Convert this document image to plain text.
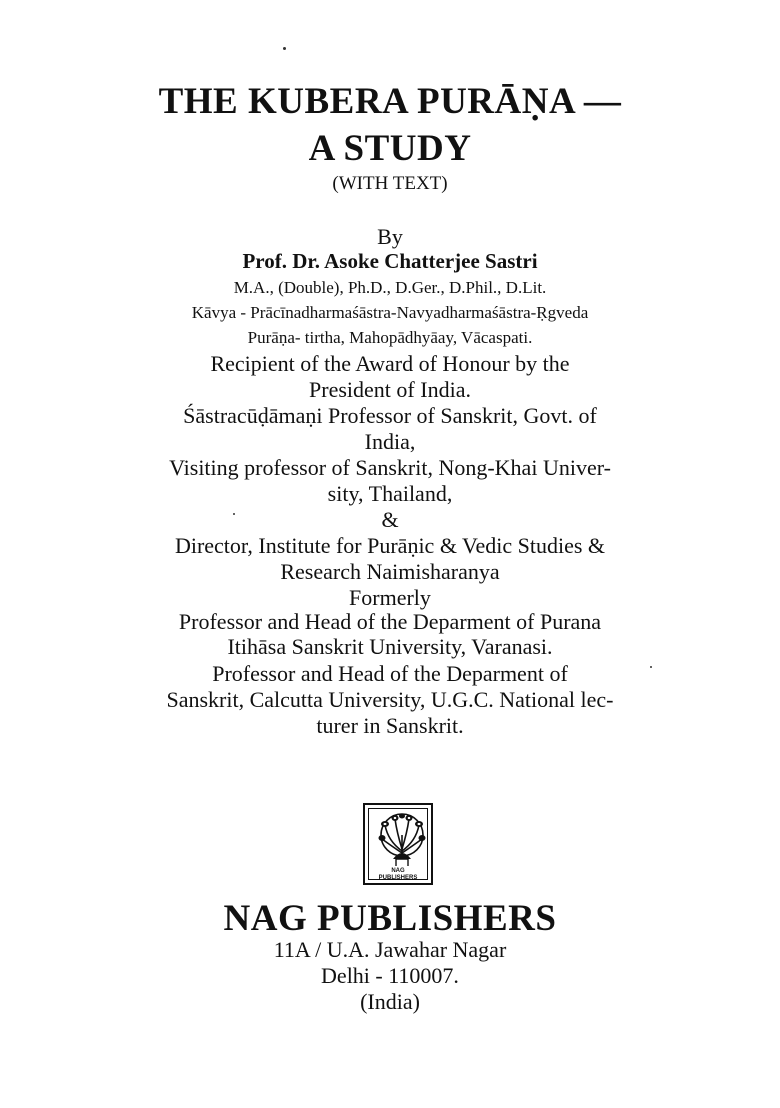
THE KUBERA PURĀṆA —
A STUDY
(WITH TEXT)
By
Prof. Dr. Asoke Chatterjee Sastri
M.A., (Double), Ph.D., D.Ger., D.Phil., D.Lit.
Kāvya - Prācīnadharmaśāstra-Navyadharmaśāstra-Ṛgveda
Purāṇa- tirtha, Mahopādhyāay, Vācaspati.
Recipient of the Award of Honour by the
President of India.
Śāstracūḍāmaṇi Professor of Sanskrit, Govt. of
India,
Visiting professor of Sanskrit, Nong-Khai Univer-
sity, Thailand,
&
Director, Institute for Purāṇic & Vedic Studies &
Research Naimisharanya
Formerly
Professor and Head of the Deparment of Purana
Itihāsa Sanskrit University, Varanasi.
Professor and Head of the Deparment of
Sanskrit, Calcutta University, U.G.C. National lec-
turer in Sanskrit.
NAG
PUBLISHERS
NAG PUBLISHERS
11A / U.A. Jawahar Nagar
Delhi - 110007.
(India)
